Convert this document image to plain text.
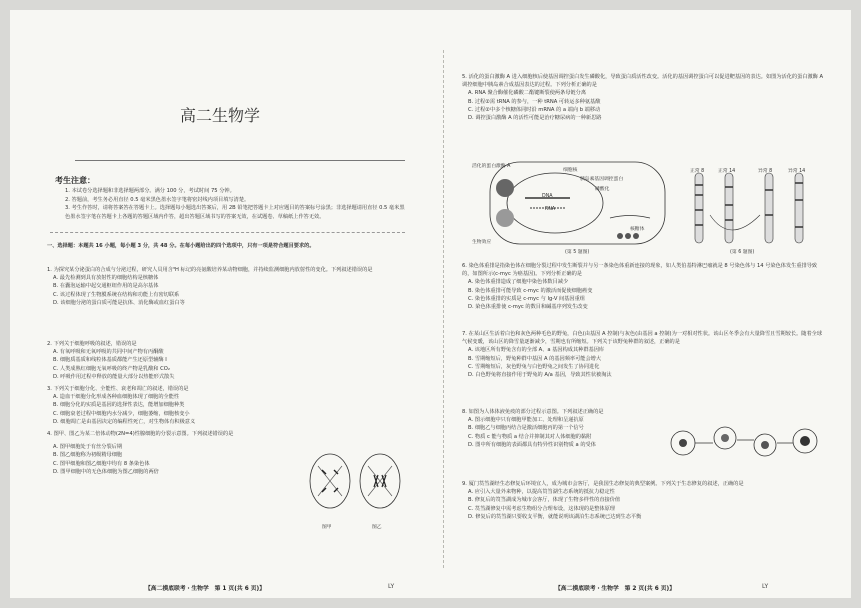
高二生物学
考生注意：
1. 本试卷分选择题和非选择题两部分。满分 100 分，考试时间 75 分钟。
2. 答题前，考生务必用直径 0.5 毫米黑色墨水签字笔将密封线内项目填写清楚。
3. 考生作答时，请将答案答在答题卡上。选择题每小题选出答案后，用 2B 铅笔把答题卡上对应题目的答案标号涂黑；非选择题请用直径 0.5 毫米黑色墨水签字笔在答题卡上各题的答题区域内作答，超出答题区域书写的答案无效，在试题卷、草稿纸上作答无效。
一、选择题：本题共 16 小题，每小题 3 分，共 48 分。在每小题给出的四个选项中，只有一项是符合题目要求的。
1. 为探究某分泌蛋白的合成与分泌过程，研究人员用含³H 标记的亮氨酸培养某动物细胞，并持续监测细胞内放射性的变化。下列叙述错误的是
A. 最先检测到具有放射性的细胞结构是核糖体
B. 在囊泡运输中起交通枢纽作用的是高尔基体
C. 该过程体现了生物膜系统在结构和功能上有密切联系
D. 该细胞分泌的蛋白质可能是抗体、消化酶或血红蛋白等
2. 下列关于细胞呼吸的叙述，错误的是
A. 有氧呼吸和无氧呼吸的共同中间产物有丙酮酸
B. 细胞质基质和线粒体基质都能产生还原型辅酶 I
C. 人类成熟红细胞无氧呼吸的终产物是乳酸和 CO₂
D. 呼吸作用过程中释放的能量大部分以热能形式散失
3. 下列关于细胞分化、全能性、衰老和凋亡的叙述，错误的是
A. 造血干细胞分化形成各种血细胞体现了细胞的全能性
B. 细胞分化的实质是基因的选择性表达，能增加细胞种类
C. 细胞衰老过程中细胞内水分减少，细胞萎缩，细胞核变小
D. 细胞凋亡是由基因决定的编程性死亡，对生物体有积极意义
4. 图甲、图乙为某二倍体动物(2N=4)性腺细胞的分裂示意图。下列叙述错误的是
A. 图甲细胞处于有丝分裂后期
B. 图乙细胞称为初级精母细胞
C. 图甲细胞和图乙细胞中均有 8 条染色体
D. 图甲细胞中的无色体细胞为图乙细胞的两倍
图甲	图乙
【高二摸底联考・生物学　第 1 页(共 6 页)】	LY
5. 活化的蛋白激酶 A 进入细胞核后使基因调控蛋白发生磷酸化，导致蛋白质活性改变。活化的基因调控蛋白可以促进靶基因的表达。如图为活化的蛋白激酶 A 调控细胞中胰岛素合成基因表达的过程。下列分析正确的是
A. RNA 聚合酶催化磷酸二酯键断裂使两条母链分离
B. 过程②需 tRNA 的参与，一种 tRNA 可转运多种氨基酸
C. 过程②中多个核糖体同时沿 mRNA 的 a 端向 b 端移动
D. 调控蛋白激酶 A 的活性可能是治疗糖尿病的一种新思路
活化的蛋白激酶 A
细胞核
胰岛素基因调控蛋白
磷酸化
DNA
RNA
核糖体
生物效应
(第 5 题图)
正常 8	正常 14	异常 8	异常 14
(第 6 题图)
6. 染色体重排是指染色体在细胞分裂过程中发生断裂并与另一条染色体重新连接的现象，如人类伯基特淋巴瘤就是 8 号染色体与 14 号染色体发生重排导致的，如图所示(c-myc 为癌基因)。下列分析正确的是
A. 染色体重排造成了细胞中染色体数目减少
B. 染色体重排可能导致 c-myc 的激活而促使细胞癌变
C. 染色体重排的实质是 c-myc 与 Ig-V 间基因重组
D. 染色体重排使 c-myc 的数目和碱基序列发生改变
7. 在某山区生活着白色和灰色两种毛色的野兔，白色(由基因 A 控制)与灰色(由基因 a 控制)为一对相对性状。该山区冬季会有大量降雪且雪期较长。随着全球气候变暖，该山区的降雪量逐渐减少，雪期也有所缩短。下列关于该野兔种群的叙述，正确的是
A. 该地区所有野兔含有的全部 A、a 基因构成其种群基因库
B. 雪期缩短后，野兔种群中基因 A 的基因频率可能会增大
C. 雪期缩短后，灰色野兔与白色野兔之间发生了协同进化
D. 白色野兔将直接作用于野兔的 A/a 基因，导致其性状被淘汰
8. 如图为人体体液免疫的部分过程示意图。下列叙述正确的是
A. 图示细胞中只有细胞甲能加工、处理和呈递抗原
B. 细胞乙与细胞丙结合是激活细胞丙的第一个信号
C. 物质 c 能与物质 a 结合并抑制其对人体细胞的黏附
D. 图中所有细胞的表面都具有特异性识别物质 a 的受体
9. 厦门筼筜湖经生态修复后环境宜人，成为城市会客厅，是我国生态修复的典型案例。下列关于生态修复的叙述，正确的是
A. 应引入大量外来物种，以提高筼筜湖生态系统的抵抗力稳定性
B. 修复后的筼筜湖成为城市会客厅，体现了生物多样性的直接价值
C. 筼筜湖修复中需考虑生物组分合理布设，这体现的是整体原理
D. 修复后的筼筜湖只要收支平衡，就能说明该湖泊生态系统已达到生态平衡
【高二摸底联考・生物学　第 2 页(共 6 页)】	LY
